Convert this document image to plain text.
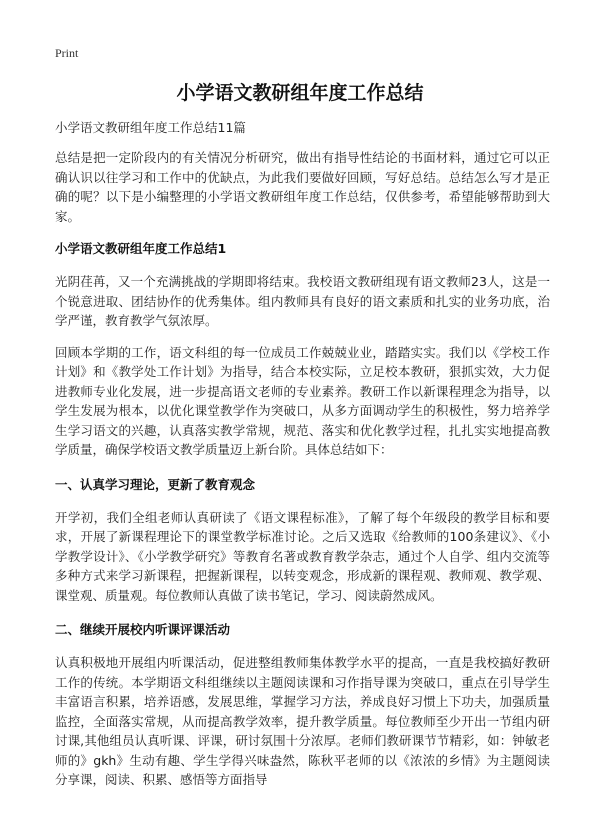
Print
小学语文教研组年度工作总结
小学语文教研组年度工作总结11篇

总结是把一定阶段内的有关情况分析研究，做出有指导性结论的书面材料，通过它可以正确认识以往学习和工作中的优缺点，为此我们要做好回顾，写好总结。总结怎么写才是正确的呢？以下是小编整理的小学语文教研组年度工作总结，仅供参考，希望能够帮助到大家。

小学语文教研组年度工作总结1

光阴荏苒，又一个充满挑战的学期即将结束。我校语文教研组现有语文教师23人，这是一个锐意进取、团结协作的优秀集体。组内教师具有良好的语文素质和扎实的业务功底，治学严谨，教育教学气氛浓厚。

回顾本学期的工作，语文科组的每一位成员工作兢兢业业，踏踏实实。我们以《学校工作计划》和《教学处工作计划》为指导，结合本校实际，立足校本教研，狠抓实效，大力促进教师专业化发展，进一步提高语文老师的专业素养。教研工作以新课程理念为指导，以学生发展为根本，以优化课堂教学作为突破口，从多方面调动学生的积极性，努力培养学生学习语文的兴趣，认真落实教学常规，规范、落实和优化教学过程，扎扎实实地提高教学质量，确保学校语文教学质量迈上新台阶。具体总结如下：

一、认真学习理论，更新了教育观念

开学初，我们全组老师认真研读了《语文课程标准》，了解了每个年级段的教学目标和要求，开展了新课程理论下的课堂教学标准讨论。之后又选取《给教师的100条建议》、《小学教学设计》、《小学教学研究》等教育名著或教育教学杂志，通过个人自学、组内交流等多种方式来学习新课程，把握新课程，以转变观念，形成新的课程观、教师观、教学观、课堂观、质量观。每位教师认真做了读书笔记，学习、阅读蔚然成风。

二、继续开展校内听课评课活动

认真积极地开展组内听课活动，促进整组教师集体教学水平的提高，一直是我校搞好教研工作的传统。本学期语文科组继续以主题阅读课和习作指导课为突破口，重点在引导学生丰富语言积累，培养语感，发展思维，掌握学习方法，养成良好习惯上下功夫，加强质量监控，全面落实常规，从而提高教学效率，提升教学质量。每位教师至少开出一节组内研讨课,其他组员认真听课、评课，研讨氛围十分浓厚。老师们教研课节节精彩，如：钟敏老师的》gkh》生动有趣、学生学得兴味盎然，陈秋平老师的以《浓浓的乡情》为主题阅读分享课，阅读、积累、感悟等方面指导
